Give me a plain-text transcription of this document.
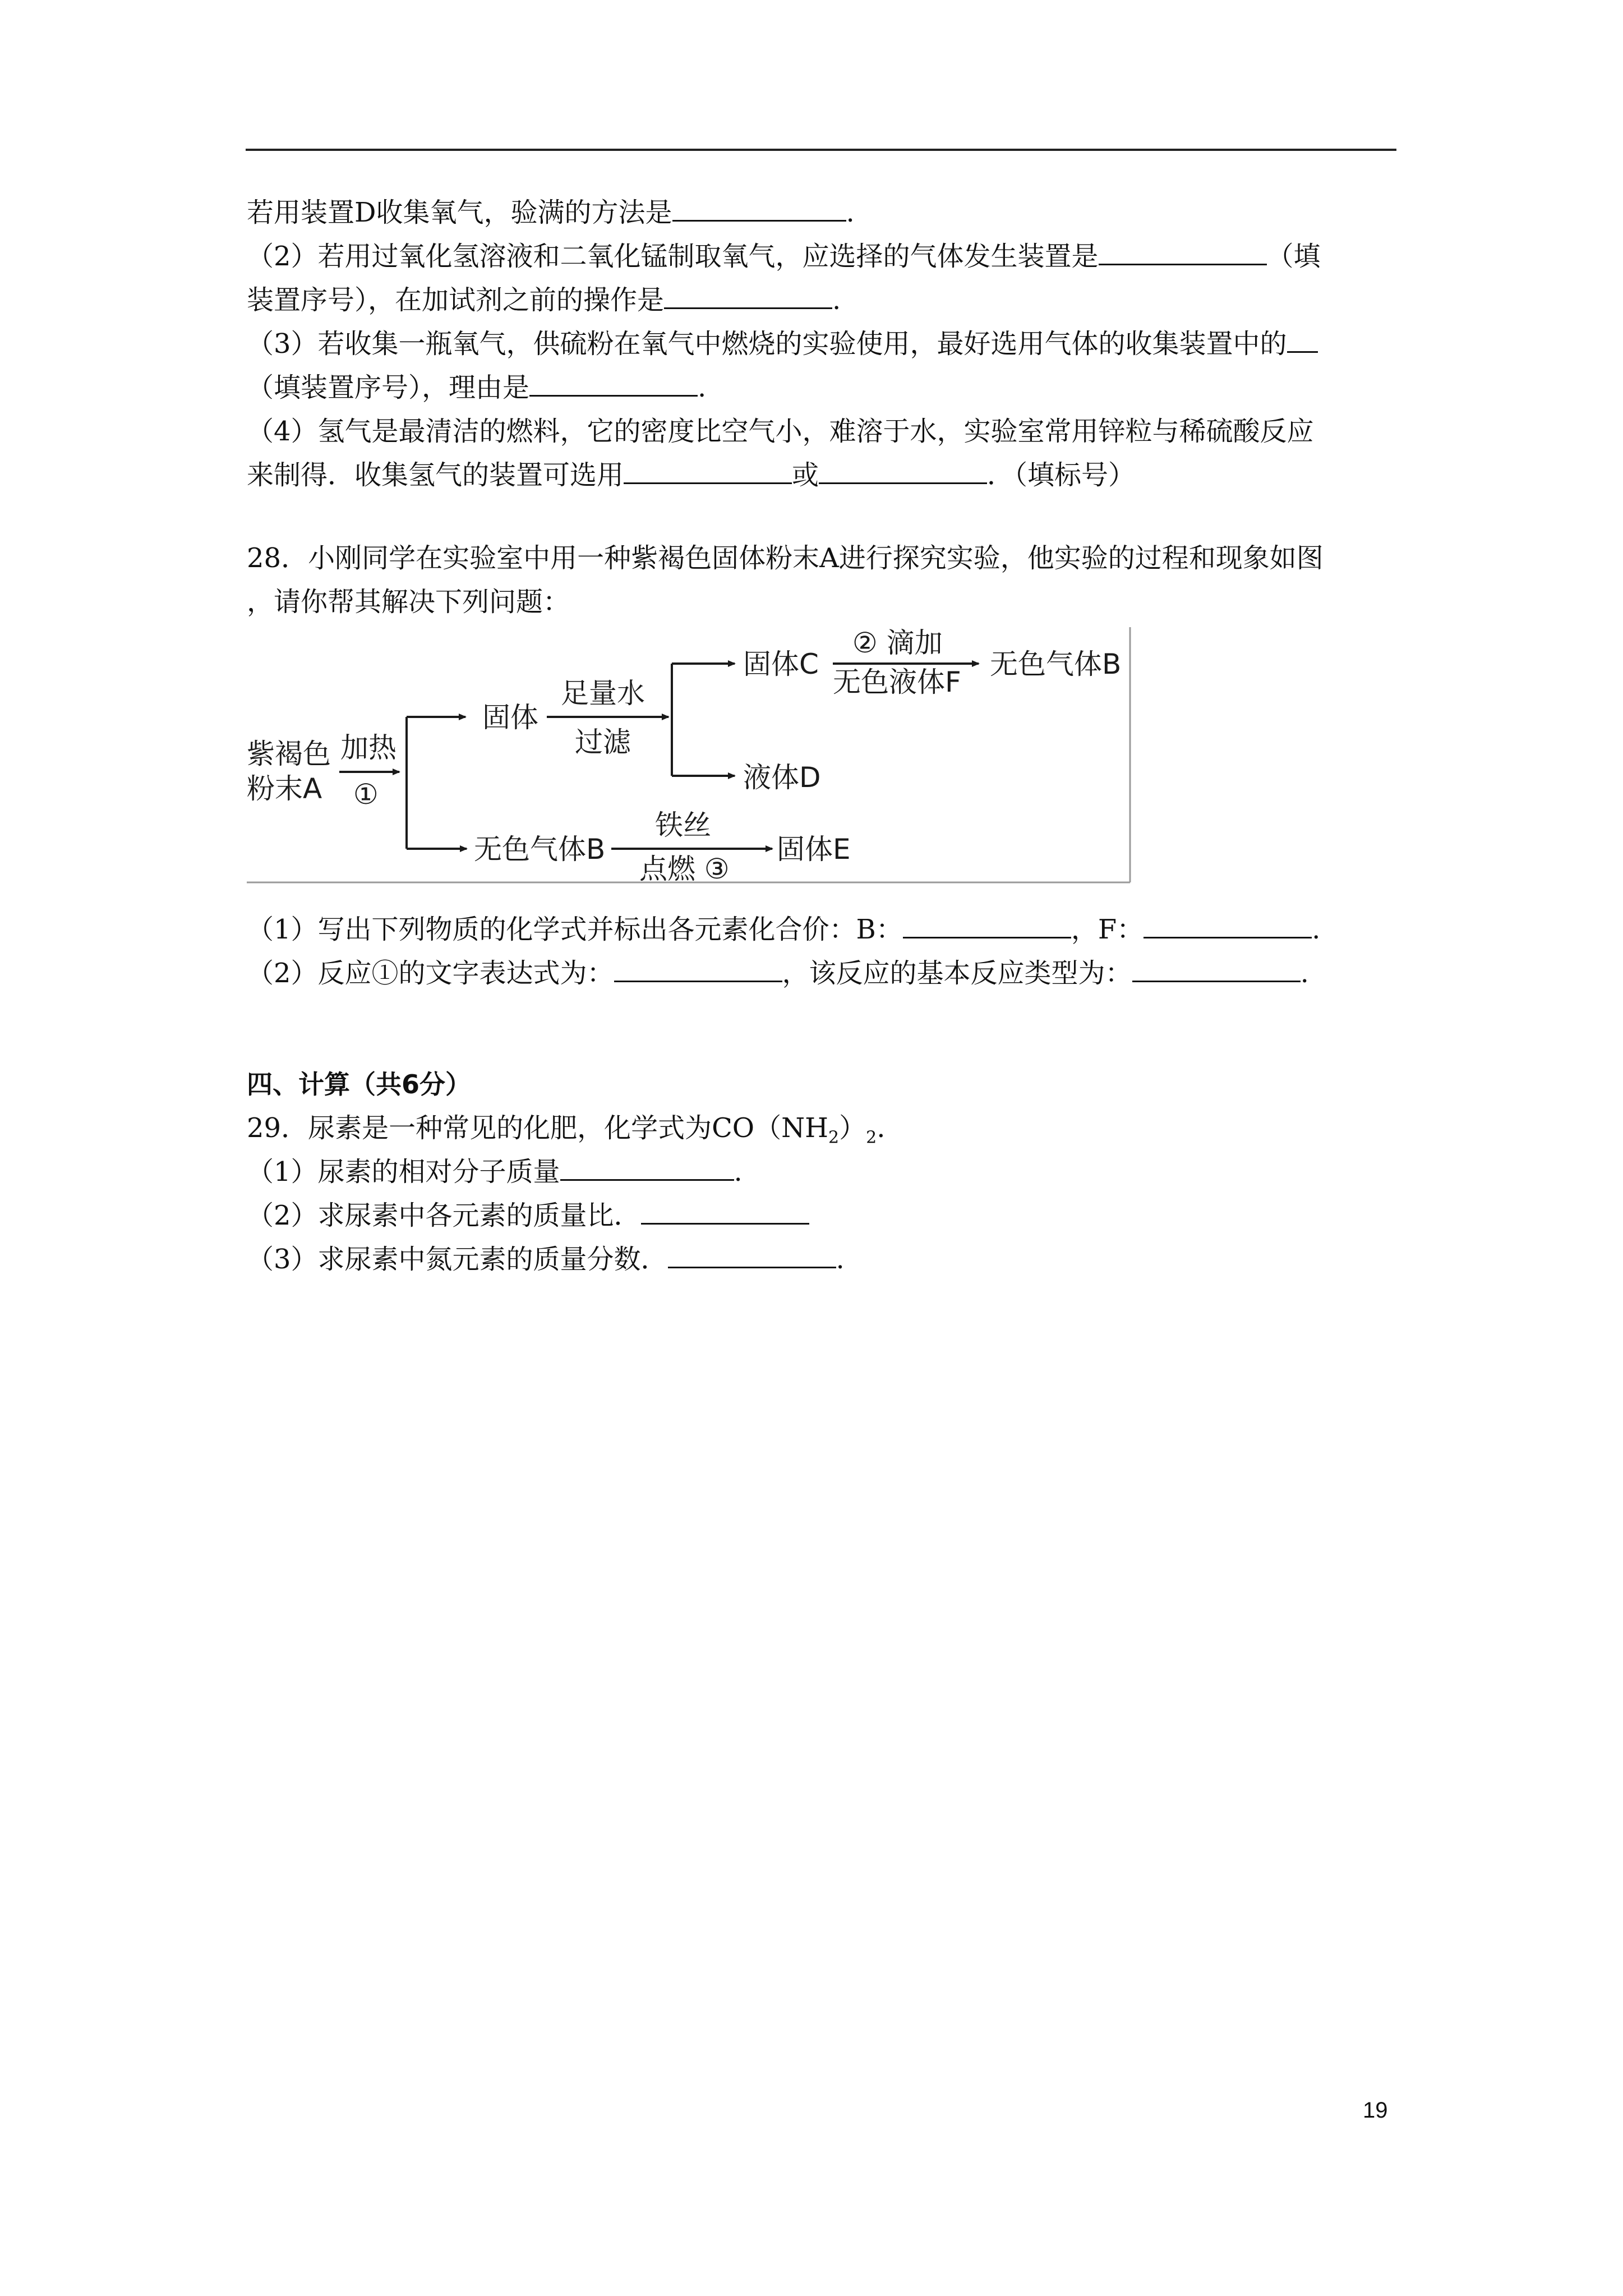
若用装置D收集氧气，验满的方法是	.
（2）若用过氧化氢溶液和二氧化锰制取氧气，应选择的气体发生装置是	（填
装置序号），在加试剂之前的操作是	.
（3）若收集一瓶氧气，供硫粉在氧气中燃烧的实验使用，最好选用气体的收集装置中的
（填装置序号），理由是	.
（4）氢气是最清洁的燃料，它的密度比空气小，难溶于水，实验室常用锌粒与稀硫酸反应
来制得．收集氢气的装置可选用	或	．（填标号）
28．小刚同学在实验室中用一种紫褐色固体粉末A进行探究实验，他实验的过程和现象如图
，请你帮其解决下列问题：
紫褐色
粉末A
加热
①
固体
足量水
过滤
固体C
② 滴加
无色液体F
无色气体B
液体D
无色气体B
铁丝
点燃 ③
固体E
（1）写出下列物质的化学式并标出各元素化合价：B：	，F：	.
（2）反应①的文字表达式为：	，该反应的基本反应类型为：	.
四、计算（共6分）
29．尿素是一种常见的化肥，化学式为$CO(NH_2)_2$.
（1）尿素的相对分子质量	.
（2）求尿素中各元素的质量比．
（3）求尿素中氮元素的质量分数．	.
19
